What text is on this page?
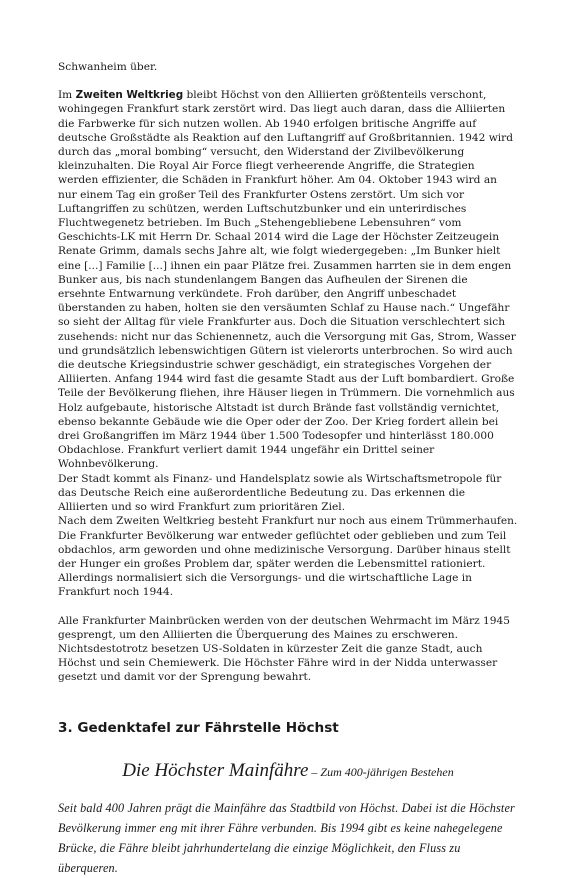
Schwanheim über.

Im Zweiten Weltkrieg bleibt Höchst von den Alliierten größtenteils verschont, wohingegen Frankfurt stark zerstört wird. Das liegt auch daran, dass die Alliierten die Farbwerke für sich nutzen wollen. Ab 1940 erfolgen britische Angriffe auf deutsche Großstädte als Reaktion auf den Luftangriff auf Großbritannien. 1942 wird durch das „moral bombing“ versucht, den Widerstand der Zivilbevölkerung kleinzuhalten. Die Royal Air Force fliegt verheerende Angriffe, die Strategien werden effizienter, die Schäden in Frankfurt höher. Am 04. Oktober 1943 wird an nur einem Tag ein großer Teil des Frankfurter Ostens zerstört. Um sich vor Luftangriffen zu schützen, werden Luftschutzbunker und ein unterirdisches Fluchtwegenetz betrieben. Im Buch „Stehengebliebene Lebensuhren“ vom Geschichts-LK mit Herrn Dr. Schaal 2014 wird die Lage der Höchster Zeitzeugein Renate Grimm, damals sechs Jahre alt, wie folgt wiedergegeben: „Im Bunker hielt eine [...] Familie [...] ihnen ein paar Plätze frei. Zusammen harrten sie in dem engen Bunker aus, bis nach stundenlangem Bangen das Aufheulen der Sirenen die ersehnte Entwarnung verkündete. Froh darüber, den Angriff unbeschadet überstanden zu haben, holten sie den versäumten Schlaf zu Hause nach.“ Ungefähr so sieht der Alltag für viele Frankfurter aus. Doch die Situation verschlechtert sich zusehends: nicht nur das Schienennetz, auch die Versorgung mit Gas, Strom, Wasser und grundsätzlich lebenswichtigen Gütern ist vielerorts unterbrochen. So wird auch die deutsche Kriegsindustrie schwer geschädigt, ein strategisches Vorgehen der Alliierten. Anfang 1944 wird fast die gesamte Stadt aus der Luft bombardiert. Große Teile der Bevölkerung fliehen, ihre Häuser liegen in Trümmern. Die vornehmlich aus Holz aufgebaute, historische Altstadt ist durch Brände fast vollständig vernichtet, ebenso bekannte Gebäude wie die Oper oder der Zoo. Der Krieg fordert allein bei drei Großangriffen im März 1944 über 1.500 Todesopfer und hinterlässt 180.000 Obdachlose. Frankfurt verliert damit 1944 ungefähr ein Drittel seiner Wohnbevölkerung.

Der Stadt kommt als Finanz- und Handelsplatz sowie als Wirtschaftsmetropole für das Deutsche Reich eine außerordentliche Bedeutung zu. Das erkennen die Alliierten und so wird Frankfurt zum prioritären Ziel.

Nach dem Zweiten Weltkrieg besteht Frankfurt nur noch aus einem Trümmerhaufen. Die Frankfurter Bevölkerung war entweder geflüchtet oder geblieben und zum Teil obdachlos, arm geworden und ohne medizinische Versorgung. Darüber hinaus stellt der Hunger ein großes Problem dar, später werden die Lebensmittel rationiert. Allerdings normalisiert sich die Versorgungs- und die wirtschaftliche Lage in Frankfurt noch 1944.

Alle Frankfurter Mainbrücken werden von der deutschen Wehrmacht im März 1945 gesprengt, um den Alliierten die Überquerung des Maines zu erschweren. Nichtsdestotrotz besetzen US-Soldaten in kürzester Zeit die ganze Stadt, auch Höchst und sein Chemiewerk. Die Höchster Fähre wird in der Nidda unterwasser gesetzt und damit vor der Sprengung bewahrt.

3. Gedenktafel zur Fährstelle Höchst

Die Höchster Mainfähre – Zum 400-jährigen Bestehen

Seit bald 400 Jahren prägt die Mainfähre das Stadtbild von Höchst. Dabei ist die Höchster Bevölkerung immer eng mit ihrer Fähre verbunden. Bis 1994 gibt es keine nahegelegene Brücke, die Fähre bleibt jahrhundertelang die einzige Möglichkeit, den Fluss zu überqueren.
